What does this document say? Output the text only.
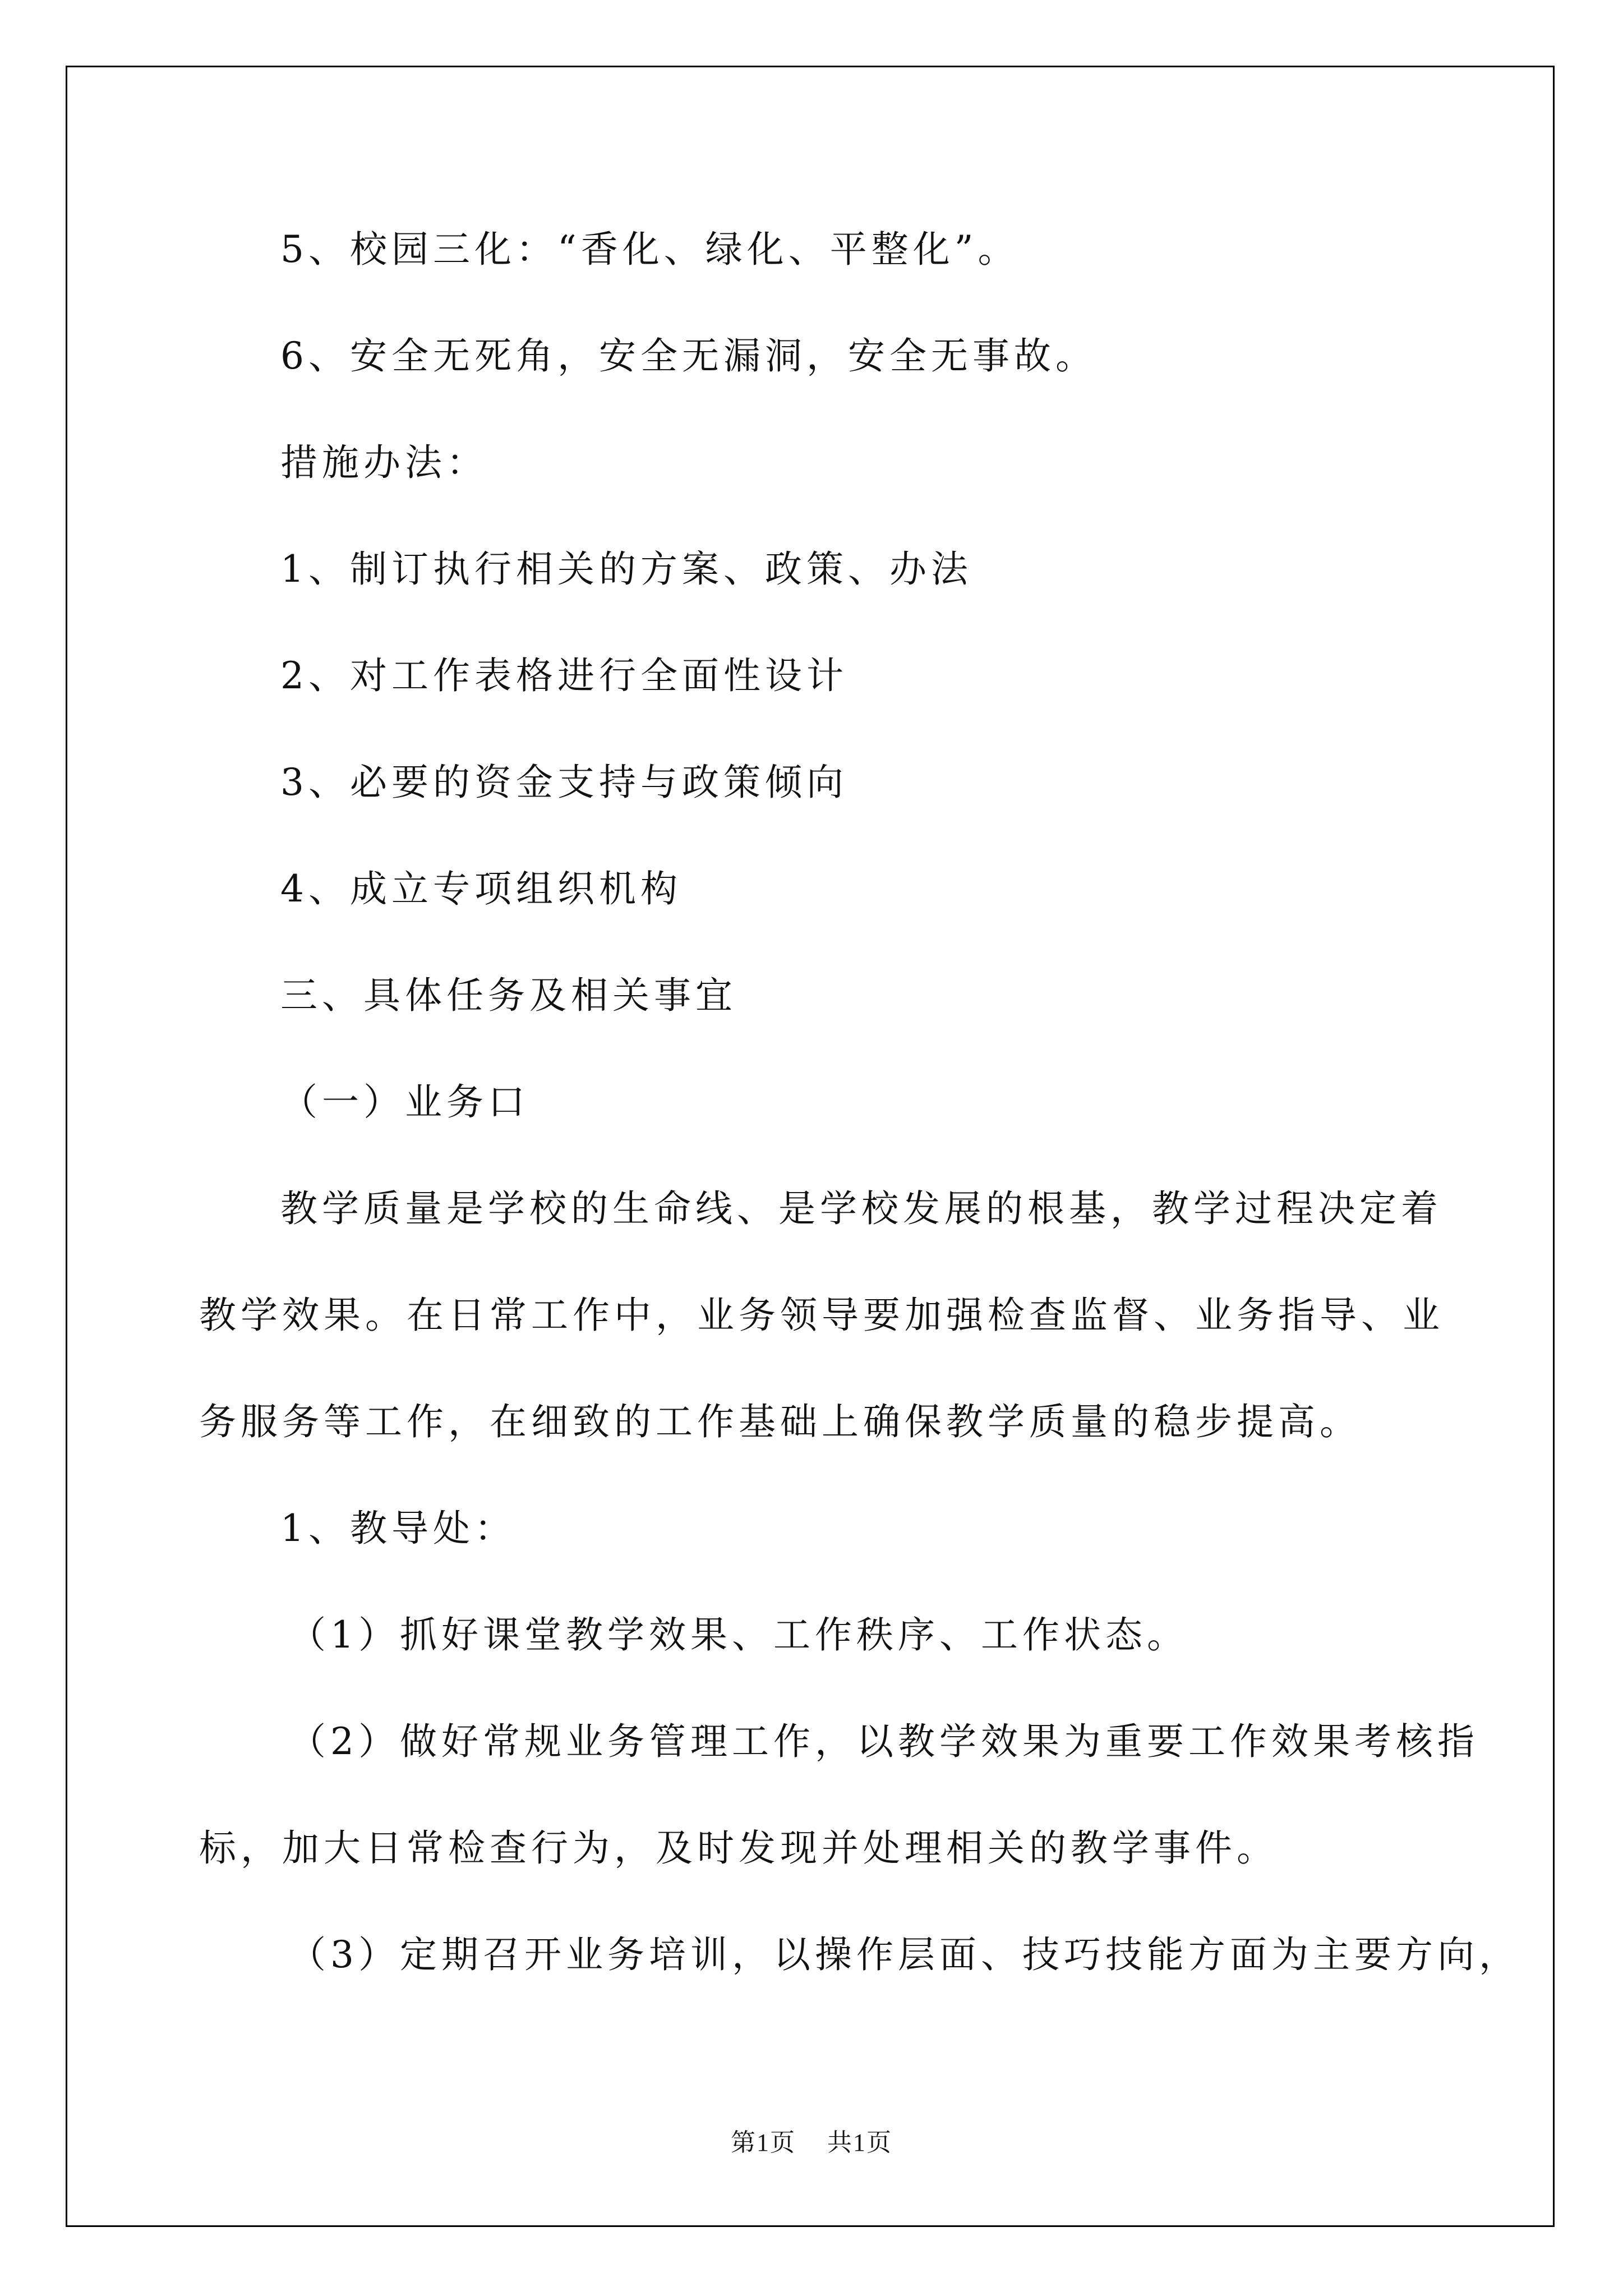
5、校园三化：“香化、绿化、平整化”。

6、安全无死角，安全无漏洞，安全无事故。

措施办法：

1、制订执行相关的方案、政策、办法

2、对工作表格进行全面性设计

3、必要的资金支持与政策倾向

4、成立专项组织机构

三、具体任务及相关事宜

（一）业务口

教学质量是学校的生命线、是学校发展的根基，教学过程决定着

教学效果。在日常工作中，业务领导要加强检查监督、业务指导、业

务服务等工作，在细致的工作基础上确保教学质量的稳步提高。

1、教导处：

（1）抓好课堂教学效果、工作秩序、工作状态。

（2）做好常规业务管理工作，以教学效果为重要工作效果考核指

标，加大日常检查行为，及时发现并处理相关的教学事件。

（3）定期召开业务培训，以操作层面、技巧技能方面为主要方向，

第1页 共1页
